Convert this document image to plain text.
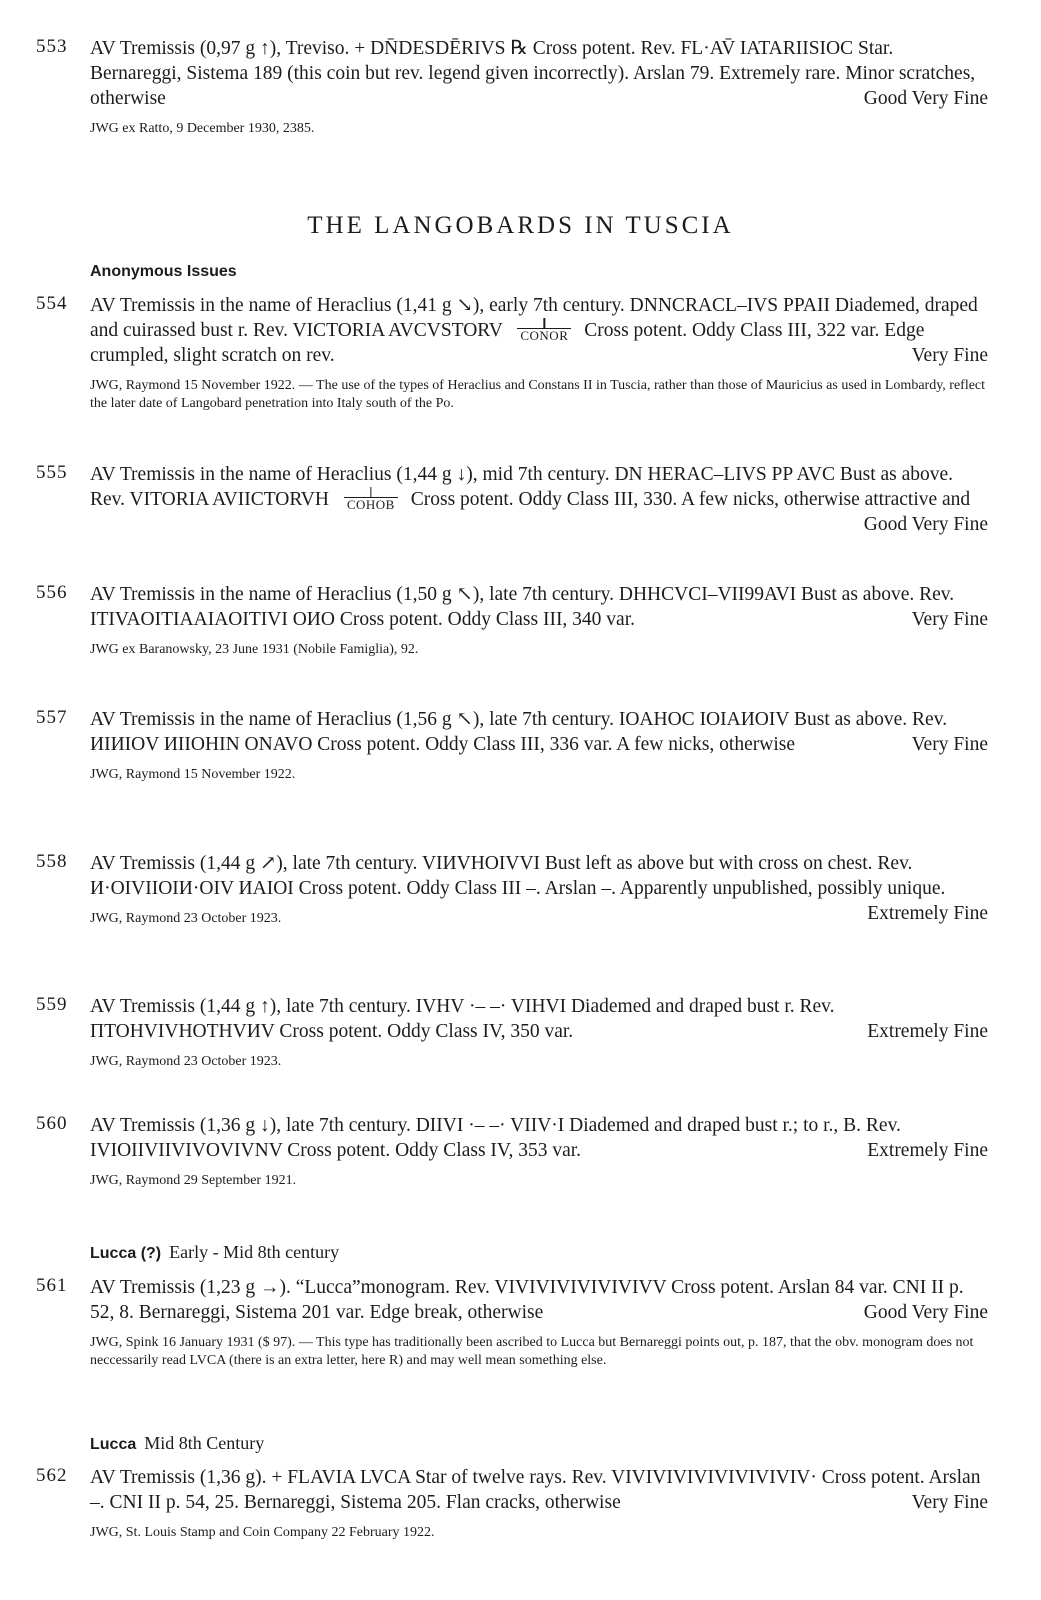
553 AV Tremissis (0,97 g ↑), Treviso. + DN̄DESDĒRIVS ℞ Cross potent. Rev. FL·AV̄ IATARIISIOC Star. Bernareggi, Sistema 189 (this coin but rev. legend given incorrectly). Arslan 79. Extremely rare. Minor scratches, otherwise	Good Very Fine
JWG ex Ratto, 9 December 1930, 2385.
THE LANGOBARDS IN TUSCIA
Anonymous Issues
554 AV Tremissis in the name of Heraclius (1,41 g ↘), early 7th century. DNNCRACL–IVS PPAII Diademed, draped and cuirassed bust r. Rev. VICTORIA AVCVSTORV CONOR Cross potent. Oddy Class III, 322 var. Edge crumpled, slight scratch on rev.	Very Fine
JWG, Raymond 15 November 1922. — The use of the types of Heraclius and Constans II in Tuscia, rather than those of Mauricius as used in Lombardy, reflect the later date of Langobard penetration into Italy south of the Po.
555 AV Tremissis in the name of Heraclius (1,44 g ↓), mid 7th century. DN HERAC–LIVS PP AVC Bust as above. Rev. VITORIA AVIICTORVH COHOB Cross potent. Oddy Class III, 330. A few nicks, otherwise attractive and
Good Very Fine
556 AV Tremissis in the name of Heraclius (1,50 g ↖), late 7th century. DHHCVCI–VII99AVI Bust as above. Rev. ITIVAOITIAAIAOITIVI OИO Cross potent. Oddy Class III, 340 var.	Very Fine
JWG ex Baranowsky, 23 June 1931 (Nobile Famiglia), 92.
557 AV Tremissis in the name of Heraclius (1,56 g ↖), late 7th century. IOAHOC IOIAИOIV Bust as above. Rev. ИIИIOV ИIIOHIN ONAVO Cross potent. Oddy Class III, 336 var. A few nicks, otherwise	Very Fine
JWG, Raymond 15 November 1922.
558 AV Tremissis (1,44 g ↗), late 7th century. VIИVHOIVVI Bust left as above but with cross on chest. Rev. И·OIVIIOIИ·OIV ИAIOI Cross potent. Oddy Class III –. Arslan –. Apparently unpublished, possibly unique.
Extremely Fine
JWG, Raymond 23 October 1923.
559 AV Tremissis (1,44 g ↑), late 7th century. IVHV ·– –· VIHVI Diademed and draped bust r. Rev. ПTOHVIVHOTHVИV Cross potent. Oddy Class IV, 350 var.	Extremely Fine
JWG, Raymond 23 October 1923.
560 AV Tremissis (1,36 g ↓), late 7th century. DIIVI ·– –· VIIV·I Diademed and draped bust r.; to r., B. Rev. IVIOIIVIIVIVOVIVNV Cross potent. Oddy Class IV, 353 var.	Extremely Fine
JWG, Raymond 29 September 1921.
Lucca (?) Early - Mid 8th century
561 AV Tremissis (1,23 g →). “Lucca”monogram. Rev. VIVIVIVIVIVIVIVV Cross potent. Arslan 84 var. CNI II p. 52, 8. Bernareggi, Sistema 201 var. Edge break, otherwise	Good Very Fine
JWG, Spink 16 January 1931 ($ 97). — This type has traditionally been ascribed to Lucca but Bernareggi points out, p. 187, that the obv. monogram does not neccessarily read LVCA (there is an extra letter, here R) and may well mean something else.
Lucca Mid 8th Century
562 AV Tremissis (1,36 g). + FLAVIA LVCA Star of twelve rays. Rev. VIVIVIVIVIVIVIVIVIV· Cross potent. Arslan –. CNI II p. 54, 25. Bernareggi, Sistema 205. Flan cracks, otherwise	Very Fine
JWG, St. Louis Stamp and Coin Company 22 February 1922.
